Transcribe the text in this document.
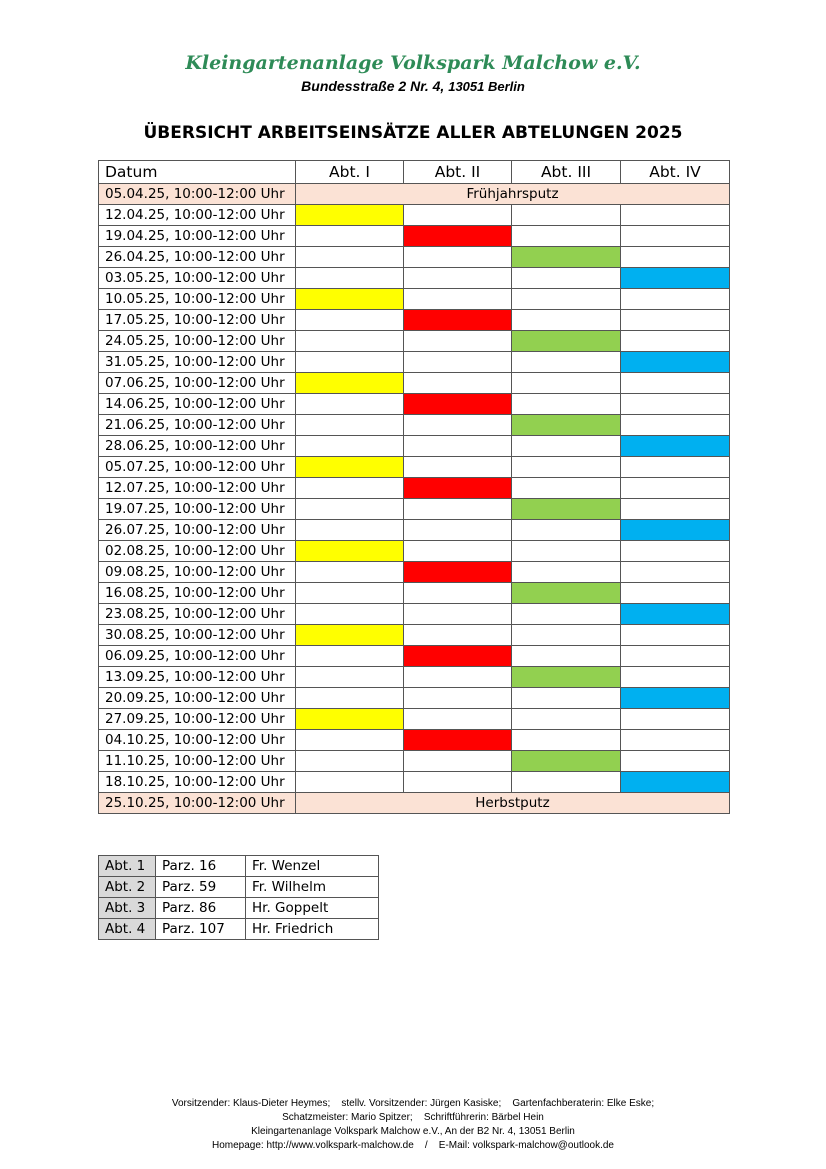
Kleingartenanlage Volkspark Malchow e.V.
Bundesstraße 2 Nr. 4, 13051 Berlin
ÜBERSICHT ARBEITSEINSÄTZE ALLER ABTELUNGEN 2025
Datum	Abt. I	Abt. II	Abt. III	Abt. IV
05.04.25, 10:00-12:00 Uhr	Frühjahrsputz			
12.04.25, 10:00-12:00 Uhr				
19.04.25, 10:00-12:00 Uhr				
26.04.25, 10:00-12:00 Uhr				
03.05.25, 10:00-12:00 Uhr				
10.05.25, 10:00-12:00 Uhr				
17.05.25, 10:00-12:00 Uhr				
24.05.25, 10:00-12:00 Uhr				
31.05.25, 10:00-12:00 Uhr				
07.06.25, 10:00-12:00 Uhr				
14.06.25, 10:00-12:00 Uhr				
21.06.25, 10:00-12:00 Uhr				
28.06.25, 10:00-12:00 Uhr				
05.07.25, 10:00-12:00 Uhr				
12.07.25, 10:00-12:00 Uhr				
19.07.25, 10:00-12:00 Uhr				
26.07.25, 10:00-12:00 Uhr				
02.08.25, 10:00-12:00 Uhr				
09.08.25, 10:00-12:00 Uhr				
16.08.25, 10:00-12:00 Uhr				
23.08.25, 10:00-12:00 Uhr				
30.08.25, 10:00-12:00 Uhr				
06.09.25, 10:00-12:00 Uhr				
13.09.25, 10:00-12:00 Uhr				
20.09.25, 10:00-12:00 Uhr				
27.09.25, 10:00-12:00 Uhr				
04.10.25, 10:00-12:00 Uhr				
11.10.25, 10:00-12:00 Uhr				
18.10.25, 10:00-12:00 Uhr				
25.10.25, 10:00-12:00 Uhr	Herbstputz			
Abt. 1	Parz. 16	Fr. Wenzel
Abt. 2	Parz. 59	Fr. Wilhelm
Abt. 3	Parz. 86	Hr. Goppelt
Abt. 4	Parz. 107	Hr. Friedrich
Vorsitzender: Klaus-Dieter Heymes;    stellv. Vorsitzender: Jürgen Kasiske;    Gartenfachberaterin: Elke Eske;
Schatzmeister: Mario Spitzer;    Schriftführerin: Bärbel Hein
Kleingartenanlage Volkspark Malchow e.V., An der B2 Nr. 4, 13051 Berlin
Homepage: http://www.volkspark-malchow.de    /    E-Mail: volkspark-malchow@outlook.de
